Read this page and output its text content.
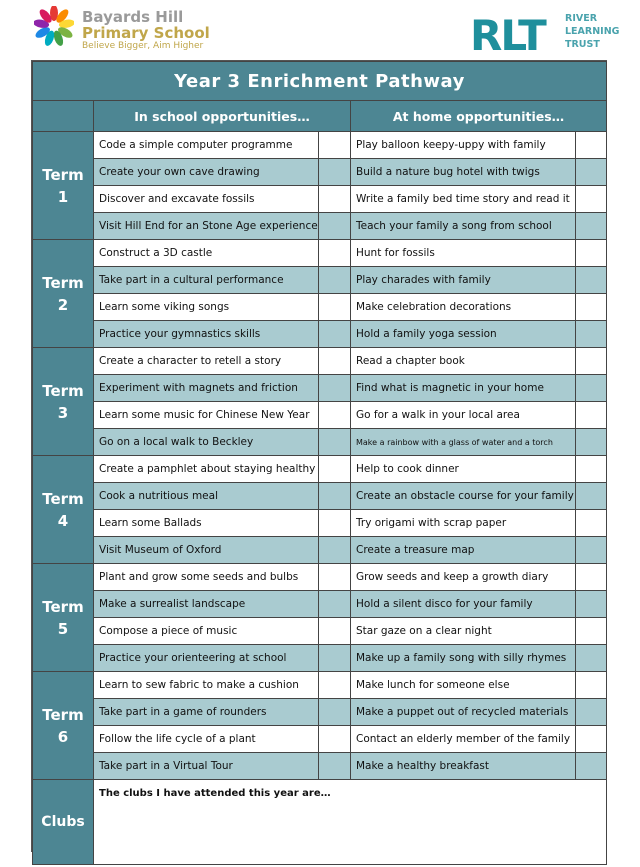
Bayards Hill
Primary School
Believe Bigger, Aim Higher	RLT RIVER
LEARNING
TRUST
Year 3 Enrichment Pathway				
	In school opportunities…		At home opportunities…	

Term
1	Code a simple computer programme		Play balloon keepy-uppy with family	
	Create your own cave drawing		Build a nature bug hotel with twigs	
	Discover and excavate fossils		Write a family bed time story and read it	
	Visit Hill End for an Stone Age experience		Teach your family a song from school	

Term
2	Construct a 3D castle		Hunt for fossils	
	Take part in a cultural performance		Play charades with family	
	Learn some viking songs		Make celebration decorations	
	Practice your gymnastics skills		Hold a family yoga session	

Term
3	Create a character to retell a story		Read a chapter book	
	Experiment with magnets and friction		Find what is magnetic in your home	
	Learn some music for Chinese New Year		Go for a walk in your local area	
	Go on a local walk to Beckley		Make a rainbow with a glass of water and a torch	

Term
4	Create a pamphlet about staying healthy		Help to cook dinner	
	Cook a nutritious meal		Create an obstacle course for your family	
	Learn some Ballads		Try origami with scrap paper	
	Visit Museum of Oxford		Create a treasure map	

Term
5	Plant and grow some seeds and bulbs		Grow seeds and keep a growth diary	
	Make a surrealist landscape		Hold a silent disco for your family	
	Compose a piece of music		Star gaze on a clear night	
	Practice your orienteering at school		Make up a family song with silly rhymes	

Term
6	Learn to sew fabric to make a cushion		Make lunch for someone else	
	Take part in a game of rounders		Make a puppet out of recycled materials	
	Follow the life cycle of a plant		Contact an elderly member of the family	
	Take part in a Virtual Tour		Make a healthy breakfast	
Clubs	The clubs I have attended this year are…			
